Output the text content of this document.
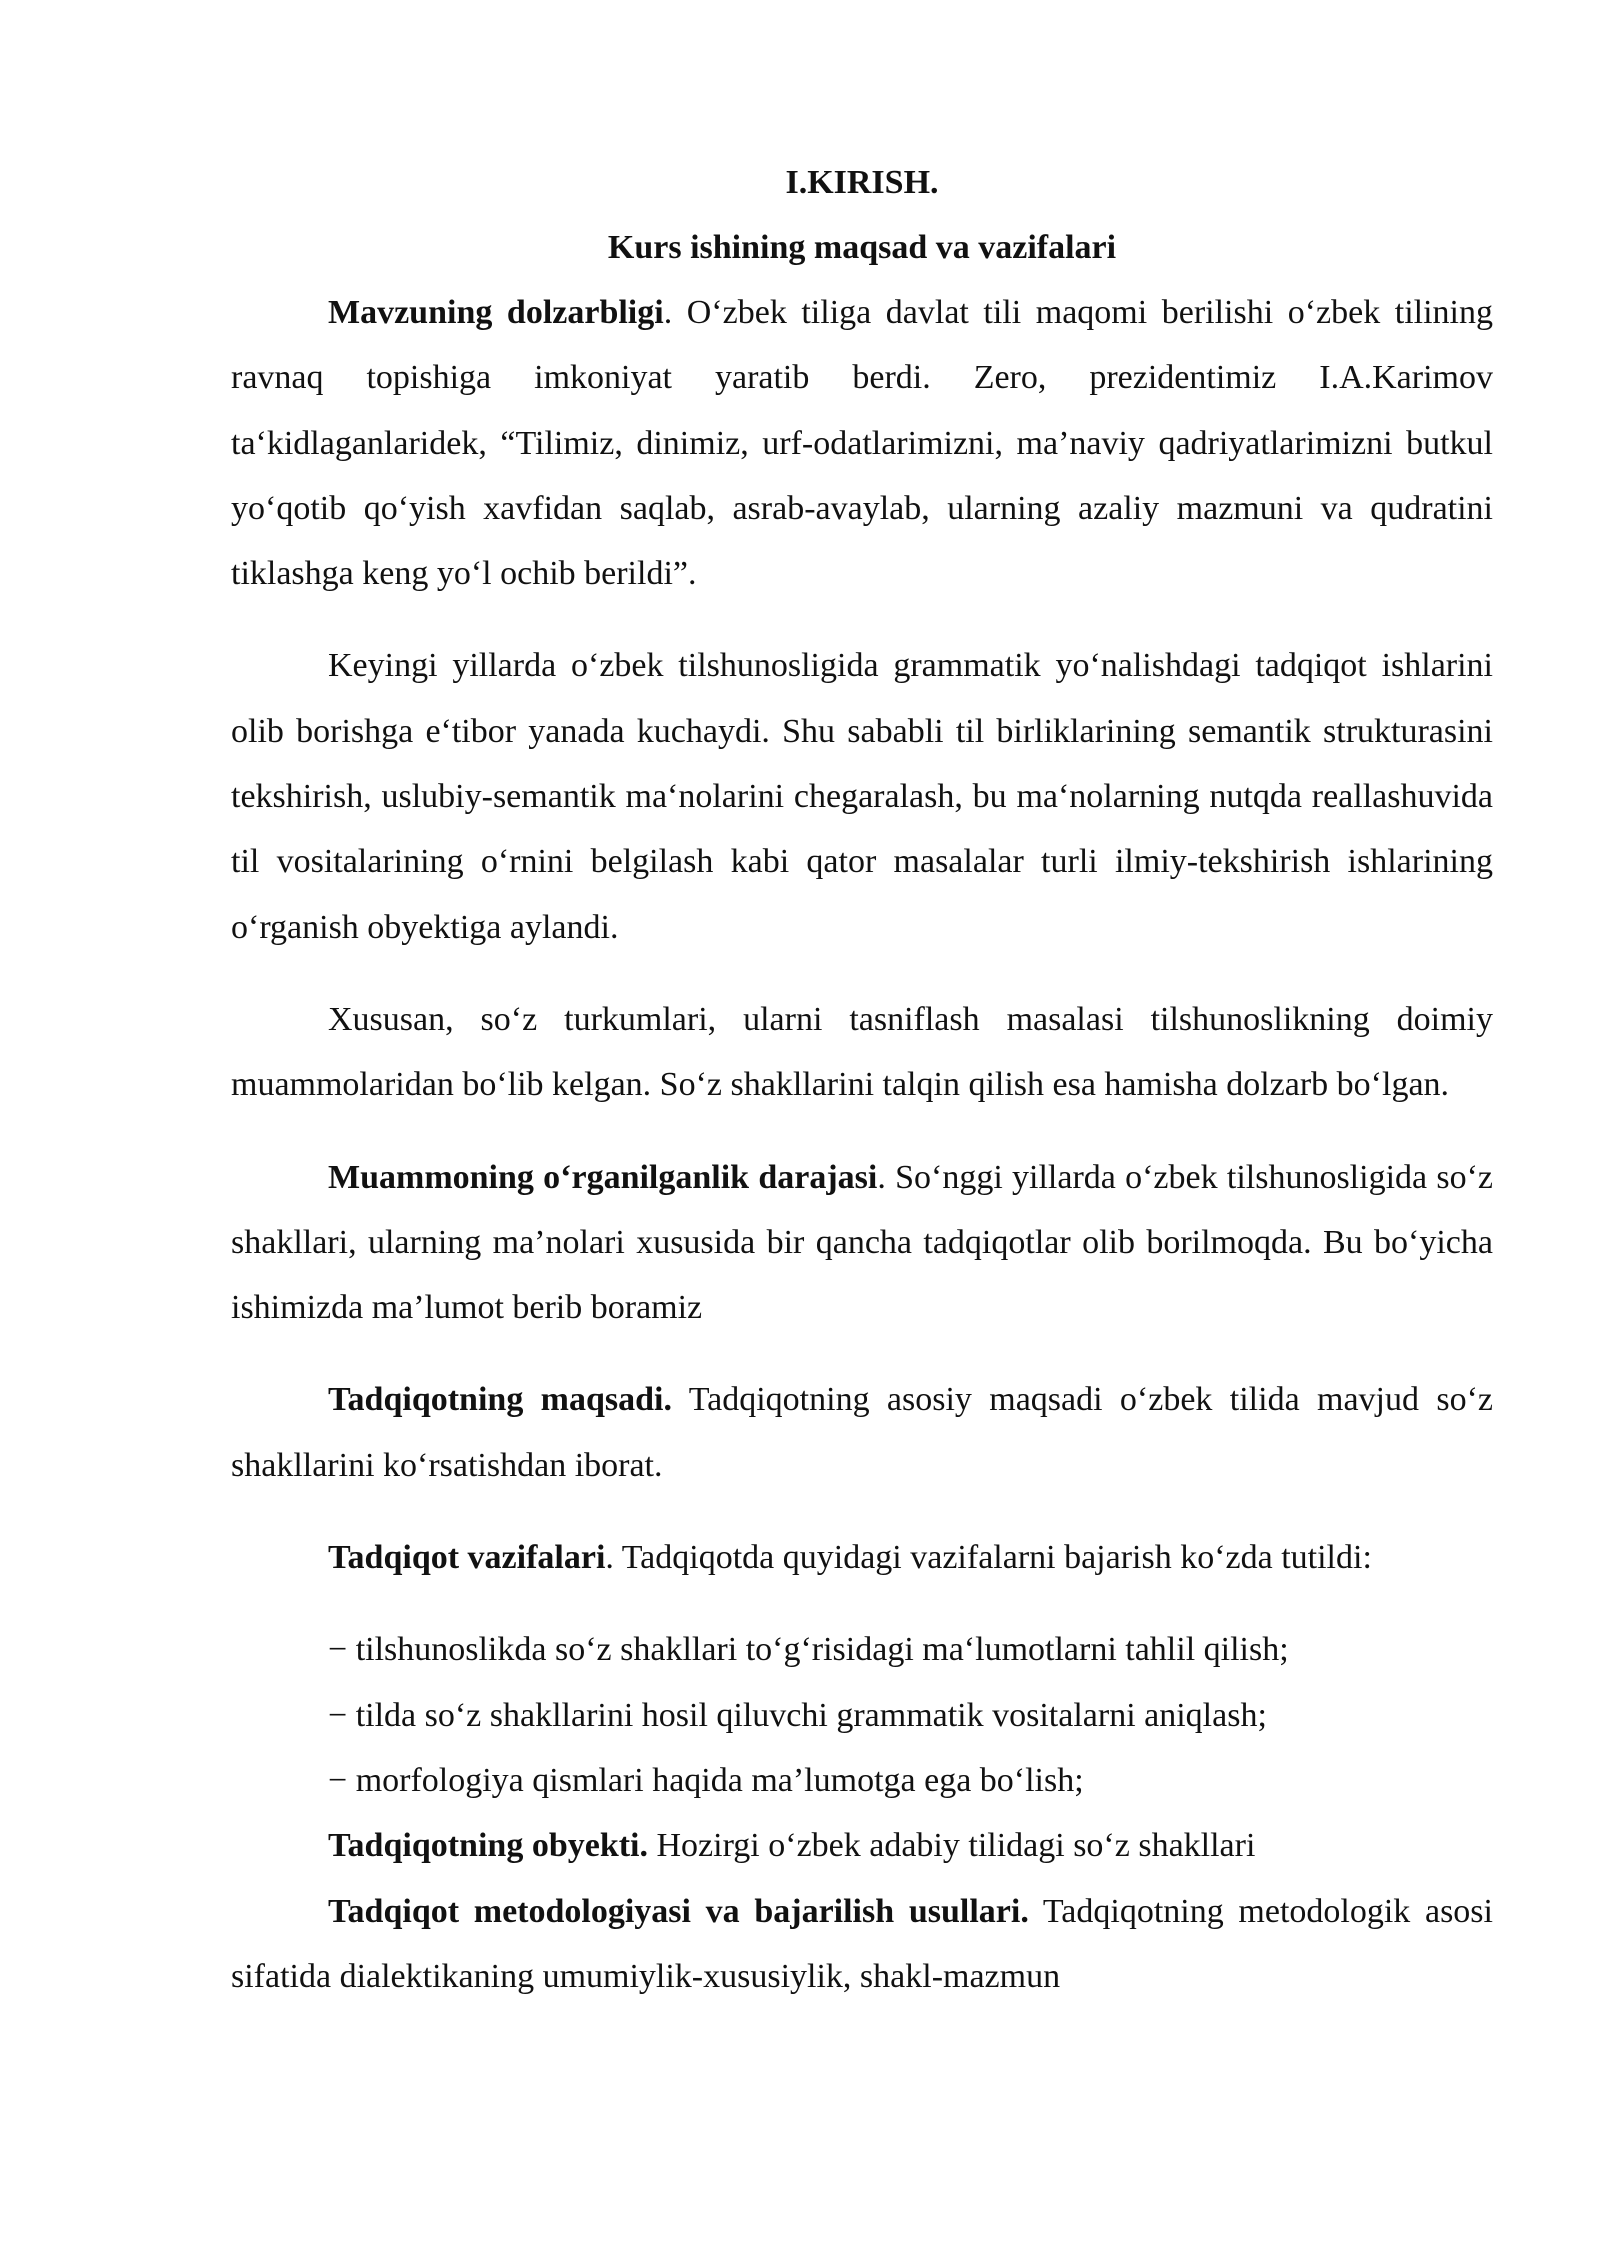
I.KIRISH.
Kurs ishining maqsad va vazifalari

Mavzuning dolzarbligi. O‘zbek tiliga davlat tili maqomi berilishi o‘zbek tilining ravnaq topishiga imkoniyat yaratib berdi. Zero, prezidentimiz I.A.Karimov ta‘kidlaganlaridek, “Tilimiz, dinimiz, urf-odatlarimizni, ma’naviy qadriyatlarimizni butkul yo‘qotib qo‘yish xavfidan saqlab, asrab-avaylab, ularning azaliy mazmuni va qudratini tiklashga keng yo‘l ochib berildi”.

Keyingi yillarda o‘zbek tilshunosligida grammatik yo‘nalishdagi tadqiqot ishlarini olib borishga e‘tibor yanada kuchaydi. Shu sababli til birliklarining semantik strukturasini tekshirish, uslubiy-semantik ma‘nolarini chegaralash, bu ma‘nolarning nutqda reallashuvida til vositalarining o‘rnini belgilash kabi qator masalalar turli ilmiy-tekshirish ishlarining o‘rganish obyektiga aylandi.

Xususan, so‘z turkumlari, ularni tasniflash masalasi tilshunoslikning doimiy muammolaridan bo‘lib kelgan. So‘z shakllarini talqin qilish esa hamisha dolzarb bo‘lgan.

Muammoning o‘rganilganlik darajasi. So‘nggi yillarda o‘zbek tilshunosligida so‘z shakllari, ularning ma’nolari xususida bir qancha tadqiqotlar olib borilmoqda. Bu bo‘yicha ishimizda ma’lumot berib boramiz

Tadqiqotning maqsadi. Tadqiqotning asosiy maqsadi o‘zbek tilida mavjud so‘z shakllarini ko‘rsatishdan iborat.

Tadqiqot vazifalari. Tadqiqotda quyidagi vazifalarni bajarish ko‘zda tutildi:

− tilshunoslikda so‘z shakllari to‘g‘risidagi ma‘lumotlarni tahlil qilish;
− tilda so‘z shakllarini hosil qiluvchi grammatik vositalarni aniqlash;
− morfologiya qismlari haqida ma’lumotga ega bo‘lish;

Tadqiqotning obyekti. Hozirgi o‘zbek adabiy tilidagi so‘z shakllari

Tadqiqot metodologiyasi va bajarilish usullari. Tadqiqotning metodologik asosi sifatida dialektikaning umumiylik-xususiylik, shakl-mazmun
